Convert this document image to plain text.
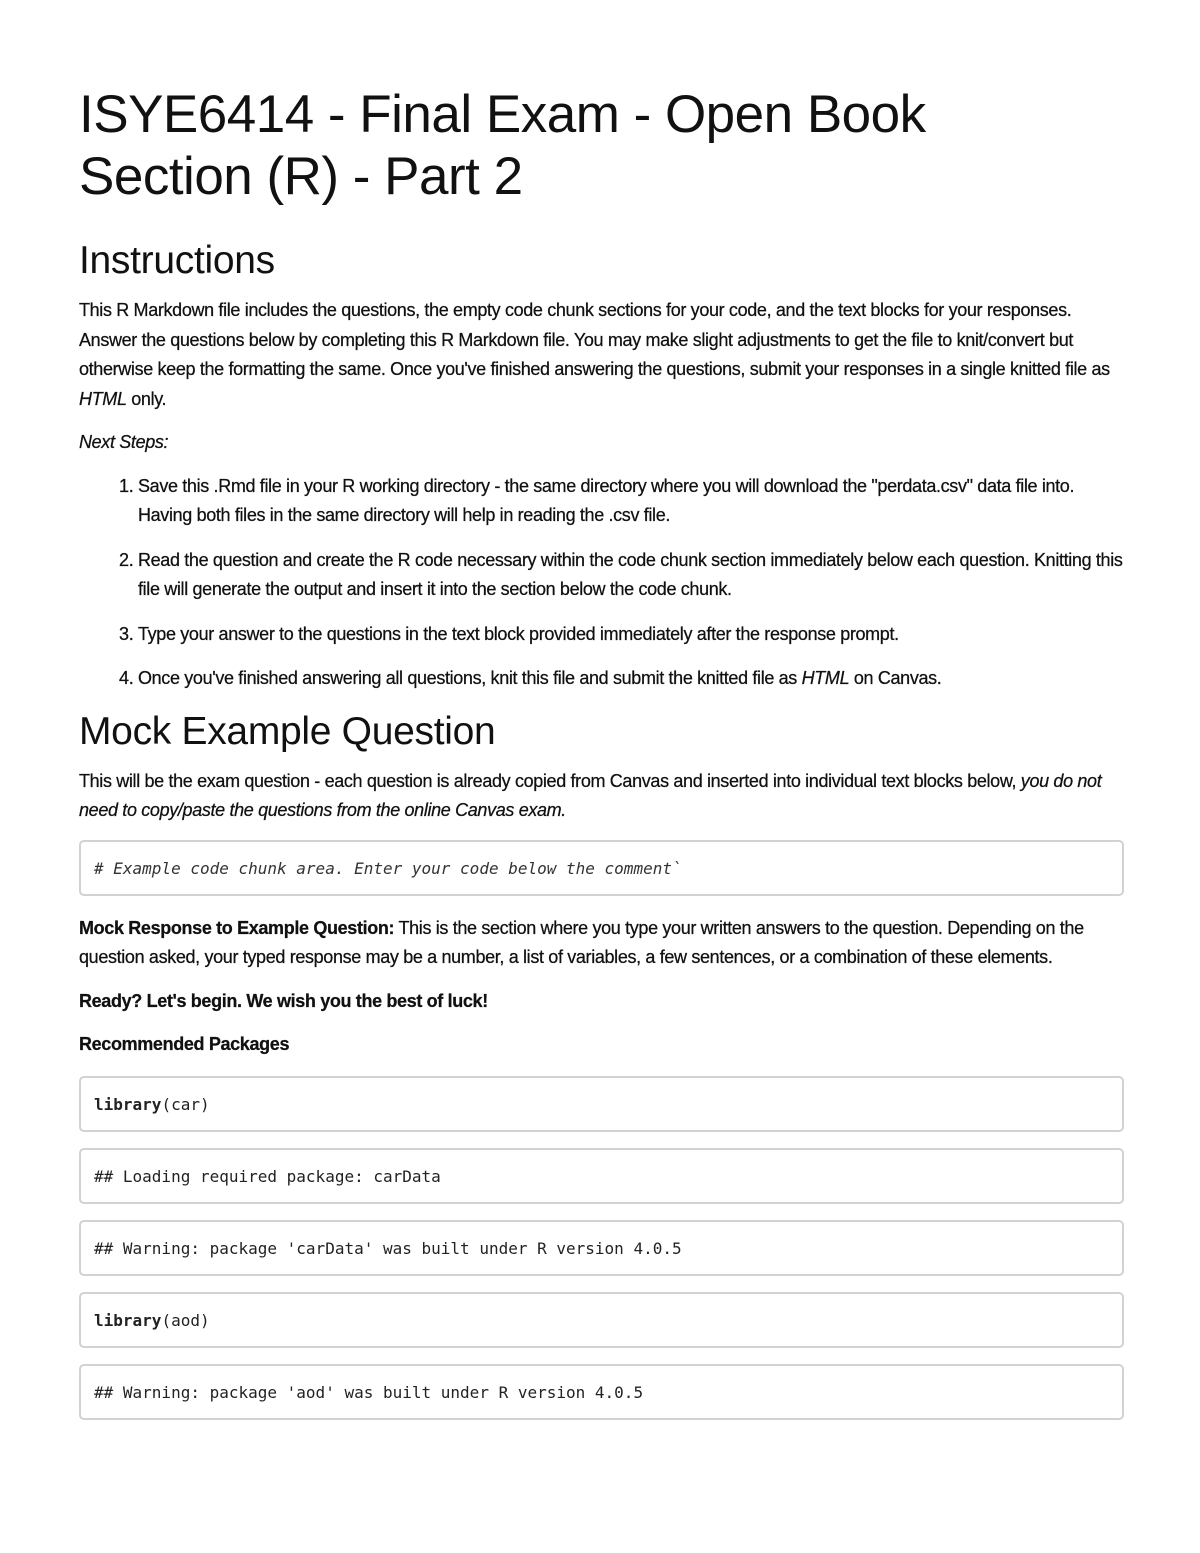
ISYE6414 - Final Exam - Open Book
Section (R) - Part 2
Instructions

This R Markdown file includes the questions, the empty code chunk sections for your code, and the text blocks for your responses. Answer the questions below by completing this R Markdown file. You may make slight adjustments to get the file to knit/convert but otherwise keep the formatting the same. Once you've finished answering the questions, submit your responses in a single knitted file as HTML only.

Next Steps:

1. Save this .Rmd file in your R working directory - the same directory where you will download the "perdata.csv" data file into. Having both files in the same directory will help in reading the .csv file.
2. Read the question and create the R code necessary within the code chunk section immediately below each question. Knitting this file will generate the output and insert it into the section below the code chunk.
3. Type your answer to the questions in the text block provided immediately after the response prompt.
4. Once you've finished answering all questions, knit this file and submit the knitted file as HTML on Canvas.
Mock Example Question

This will be the exam question - each question is already copied from Canvas and inserted into individual text blocks below, you do not need to copy/paste the questions from the online Canvas exam.

# Example code chunk area. Enter your code below the comment`

Mock Response to Example Question: This is the section where you type your written answers to the question. Depending on the question asked, your typed response may be a number, a list of variables, a few sentences, or a combination of these elements.

Ready? Let's begin. We wish you the best of luck!

Recommended Packages

library(car)
## Loading required package: carData
## Warning: package 'carData' was built under R version 4.0.5
library(aod)
## Warning: package 'aod' was built under R version 4.0.5
